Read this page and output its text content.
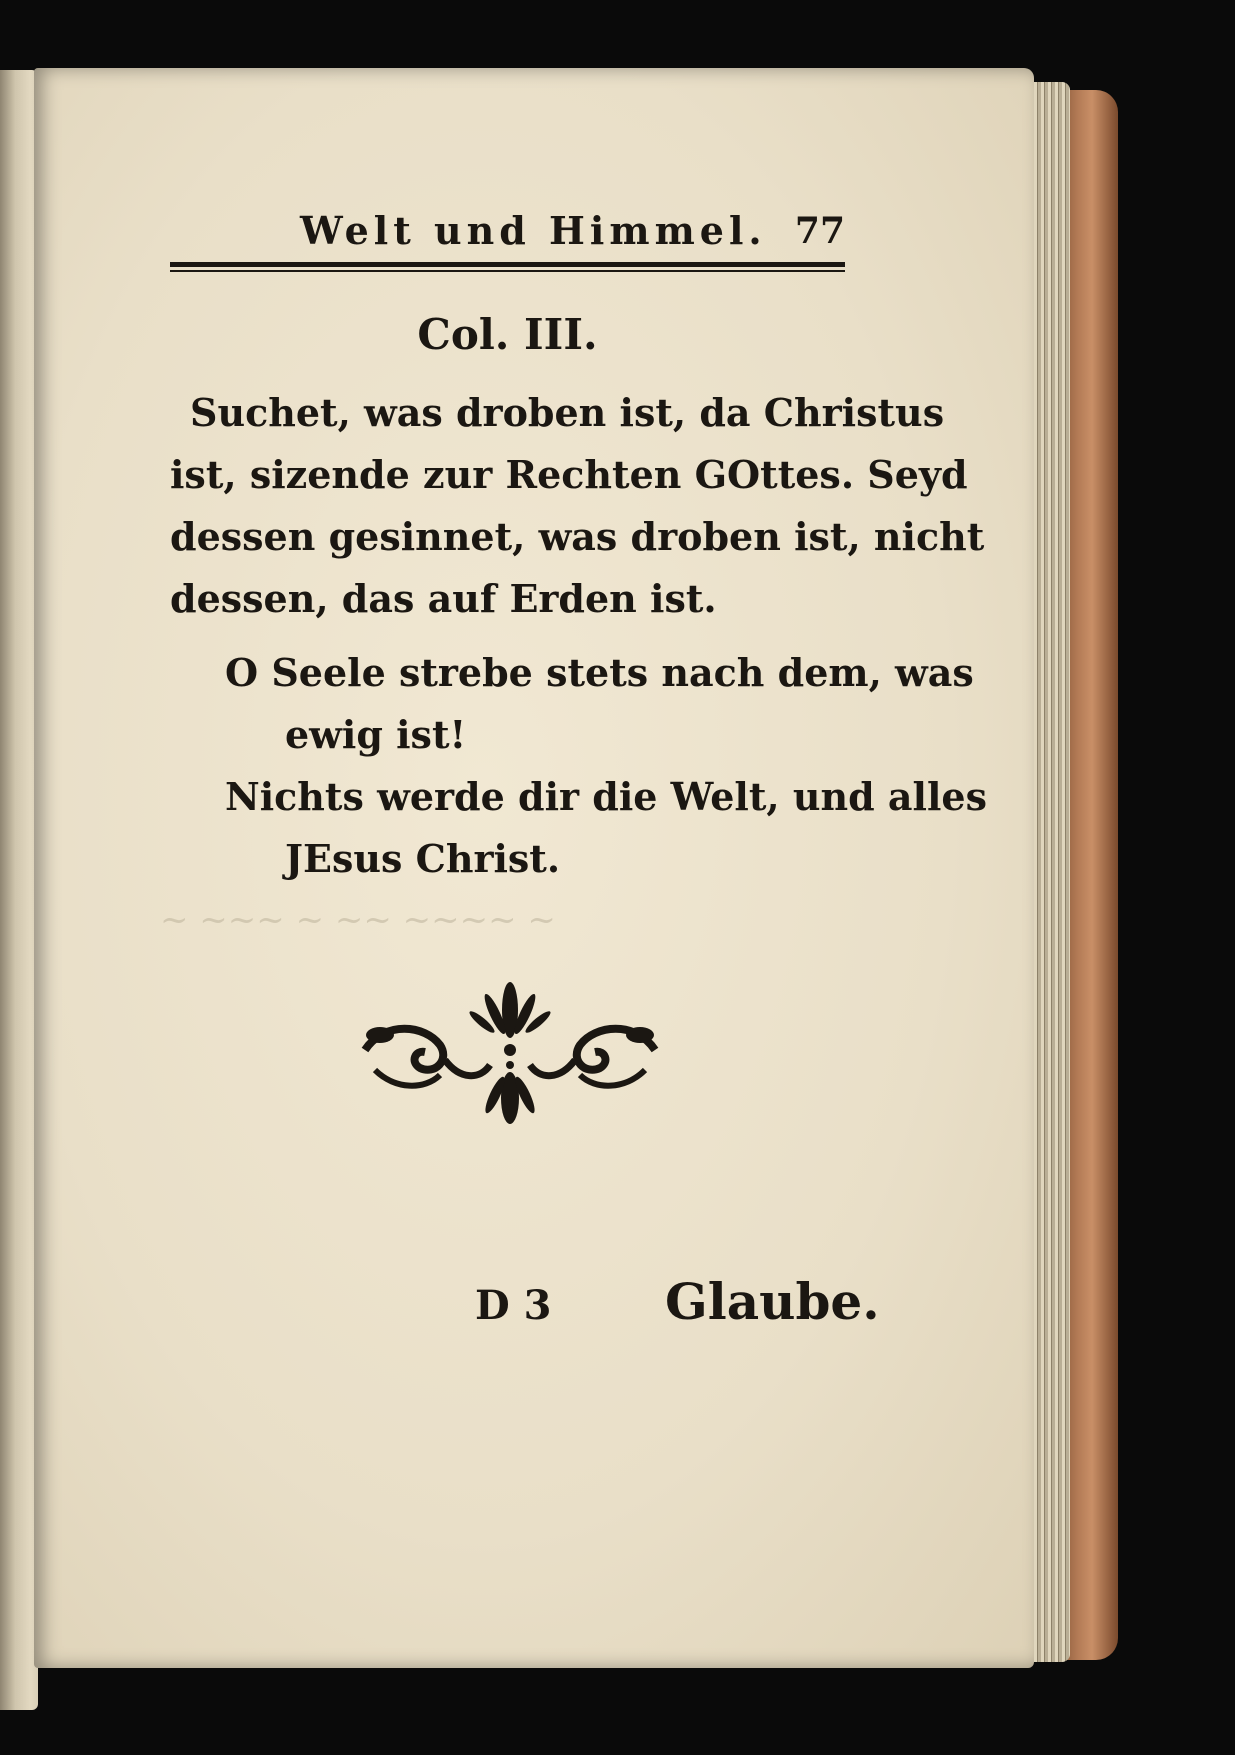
~ ~~~ ~ ~~ ~~~~ ~
Welt und Himmel. 77
Col. III.
Suchet, was droben ist, da Christus
ist, sizende zur Rechten GOttes. Seyd
dessen gesinnet, was droben ist, nicht
dessen, das auf Erden ist.
O Seele strebe stets nach dem, was
ewig ist!
Nichts werde dir die Welt, und alles
JEsus Christ.
D 3 Glaube.
